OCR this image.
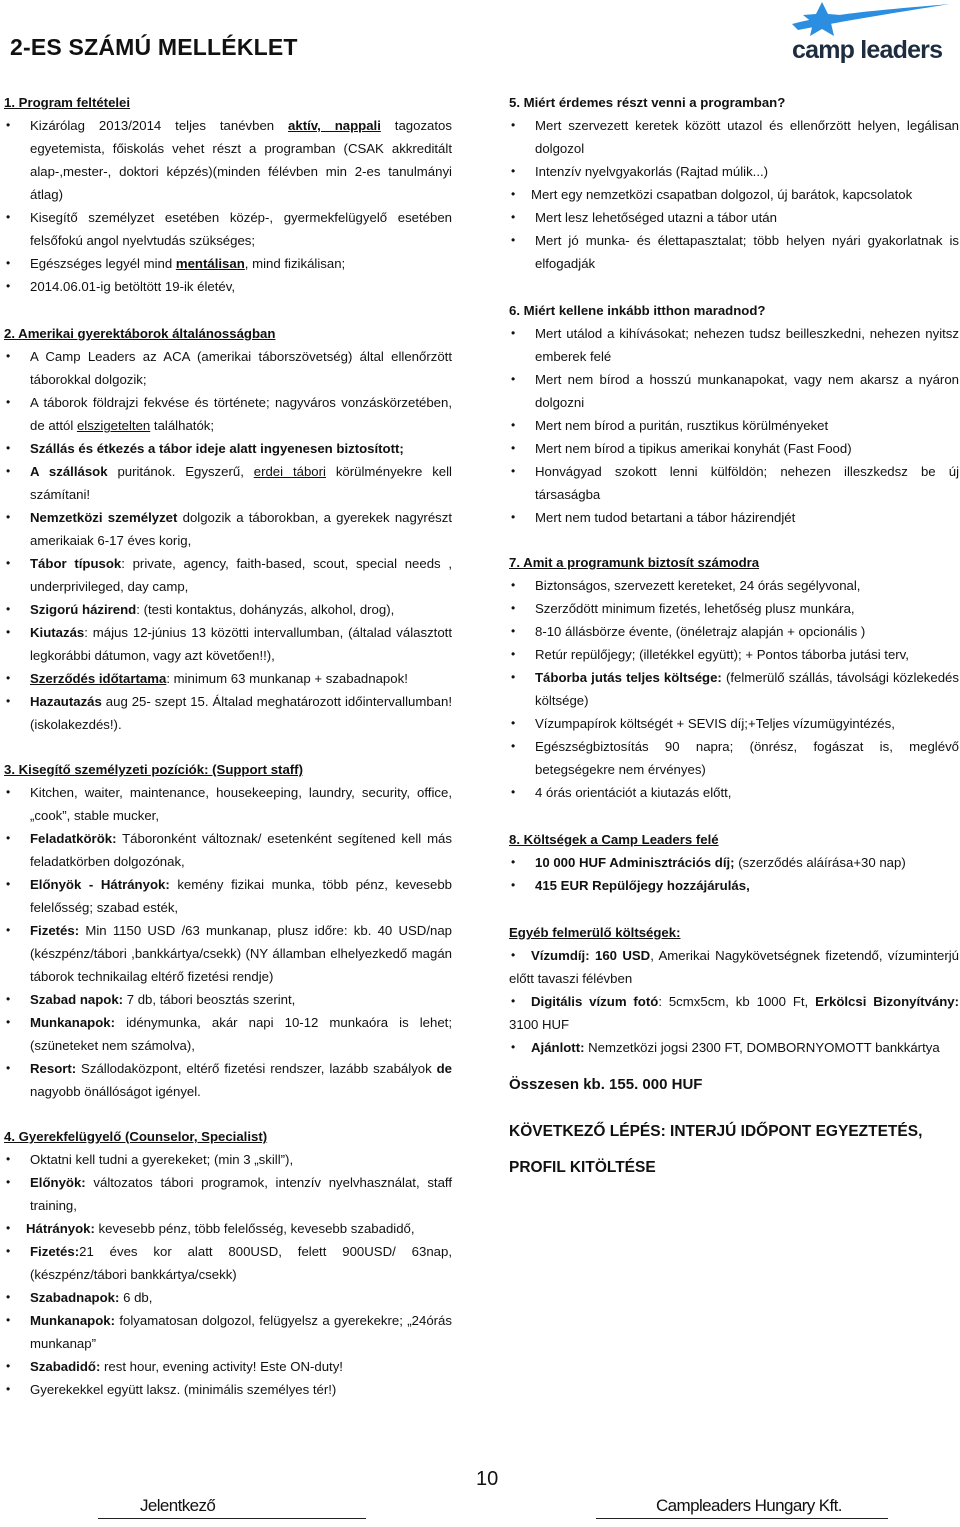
2-ES SZÁMÚ MELLÉKLET	camp leaders
1. Program feltételei
• Kizárólag 2013/2014 teljes tanévben aktív, nappali tagozatos egyetemista, főiskolás vehet részt a programban (CSAK akkreditált alap-,mester-, doktori képzés)(minden félévben min 2-es tanulmányi átlag)
• Kisegítő személyzet esetében közép-, gyermekfelügyelő esetében felsőfokú angol nyelvtudás szükséges;
• Egészséges legyél mind mentálisan, mind fizikálisan;
• 2014.06.01-ig betöltött 19-ik életév,
2. Amerikai gyerektáborok általánosságban
• A Camp Leaders az ACA (amerikai táborszövetség) által ellenőrzött táborokkal dolgozik;
• A táborok földrajzi fekvése és története; nagyváros vonzáskörzetében, de attól elszigetelten találhatók;
• Szállás és étkezés a tábor ideje alatt ingyenesen biztosított;
• A szállások puritánok. Egyszerű, erdei tábori körülményekre kell számítani!
• Nemzetközi személyzet dolgozik a táborokban, a gyerekek nagyrészt amerikaiak 6-17 éves korig,
• Tábor típusok: private, agency, faith-based, scout, special needs , underprivileged, day camp,
• Szigorú házirend: (testi kontaktus, dohányzás, alkohol, drog),
• Kiutazás: május 12-június 13 közötti intervallumban, (általad választott legkorábbi dátumon, vagy azt követően!!),
• Szerződés időtartama: minimum 63 munkanap + szabadnapok!
• Hazautazás aug 25- szept 15. Általad meghatározott időintervallumban! (iskolakezdés!).
3. Kisegítő személyzeti pozíciók: (Support staff)
• Kitchen, waiter, maintenance, housekeeping, laundry, security, office, „cook”, stable mucker,
• Feladatkörök: Táboronként változnak/ esetenként segítened kell más feladatkörben dolgozónak,
• Előnyök - Hátrányok: kemény fizikai munka, több pénz, kevesebb felelősség; szabad esték,
• Fizetés: Min 1150 USD /63 munkanap, plusz időre: kb. 40 USD/nap (készpénz/tábori ,bankkártya/csekk) (NY államban elhelyezkedő magán táborok technikailag eltérő fizetési rendje)
• Szabad napok: 7 db, tábori beosztás szerint,
• Munkanapok: idénymunka, akár napi 10-12 munkaóra is lehet;(szüneteket nem számolva),
• Resort: Szállodaközpont, eltérő fizetési rendszer, lazább szabályok de nagyobb önállóságot igényel.
4. Gyerekfelügyelő (Counselor, Specialist)
• Oktatni kell tudni a gyerekeket; (min 3 „skill”),
• Előnyök: változatos tábori programok, intenzív nyelvhasználat, staff training,
• Hátrányok: kevesebb pénz, több felelősség, kevesebb szabadidő,
• Fizetés:21 éves kor alatt 800USD, felett 900USD/ 63nap, (készpénz/tábori bankkártya/csekk)
• Szabadnapok: 6 db,
• Munkanapok: folyamatosan dolgozol, felügyelsz a gyerekekre; „24órás munkanap”
• Szabadidő: rest hour, evening activity! Este ON-duty!
• Gyerekekkel együtt laksz. (minimális személyes tér!)
5. Miért érdemes részt venni a programban?
• Mert szervezett keretek között utazol és ellenőrzött helyen, legálisan dolgozol
• Intenzív nyelvgyakorlás (Rajtad múlik...)
• Mert egy nemzetközi csapatban dolgozol, új barátok, kapcsolatok
• Mert lesz lehetőséged utazni a tábor után
• Mert jó munka- és élettapasztalat; több helyen nyári gyakorlatnak is elfogadják
6. Miért kellene inkább itthon maradnod?
• Mert utálod a kihívásokat; nehezen tudsz beilleszkedni, nehezen nyitsz emberek felé
• Mert nem bírod a hosszú munkanapokat, vagy nem akarsz a nyáron dolgozni
• Mert nem bírod a puritán, rusztikus körülményeket
• Mert nem bírod a tipikus amerikai konyhát (Fast Food)
• Honvágyad szokott lenni külföldön; nehezen illeszkedsz be új társaságba
• Mert nem tudod betartani a tábor házirendjét
7. Amit a programunk biztosít számodra
• Biztonságos, szervezett kereteket, 24 órás segélyvonal,
• Szerződött minimum fizetés, lehetőség plusz munkára,
• 8-10 állásbörze évente, (önéletrajz alapján + opcionális )
• Retúr repülőjegy; (illetékkel együtt); + Pontos táborba jutási terv,
• Táborba jutás teljes költsége: (felmerülő szállás, távolsági közlekedés költsége)
• Vízumpapírok költségét + SEVIS díj;+Teljes vízumügyintézés,
• Egészségbiztosítás 90 napra; (önrész, fogászat is, meglévő betegségekre nem érvényes)
• 4 órás orientációt a kiutazás előtt,
8. Költségek a Camp Leaders felé
• 10 000 HUF Adminisztrációs díj; (szerződés aláírása+30 nap)
• 415 EUR Repülőjegy hozzájárulás,
Egyéb felmerülő költségek:
• Vízumdíj: 160 USD, Amerikai Nagykövetségnek fizetendő, vízuminterjú előtt tavaszi félévben
• Digitális vízum fotó: 5cmx5cm, kb 1000 Ft, Erkölcsi Bizonyítvány: 3100 HUF
• Ajánlott: Nemzetközi jogsi 2300 FT, DOMBORNYOMOTT bankkártya
Összesen kb. 155. 000 HUF
KÖVETKEZŐ LÉPÉS: INTERJÚ IDŐPONT EGYEZTETÉS, PROFIL KITÖLTÉSE
10
Jelentkező	Campleaders Hungary Kft.
